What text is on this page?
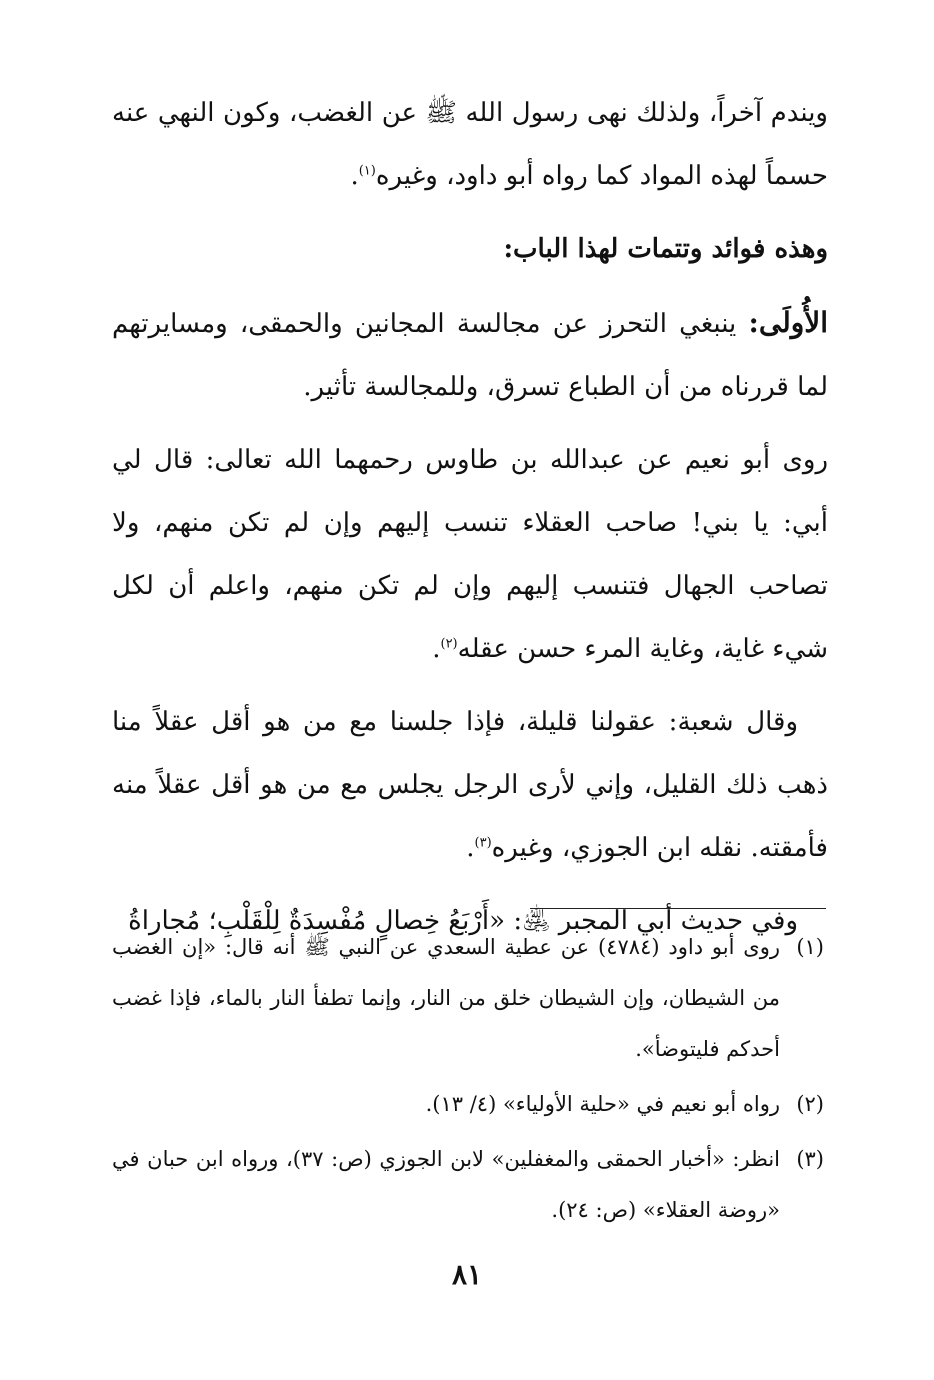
ويندم آخراً، ولذلك نهى رسول الله ﷺ عن الغضب، وكون النهي عنه حسماً لهذه المواد كما رواه أبو داود، وغيره$^{(١)}$.

وهذه فوائد وتتمات لهذا الباب:

الأُولَى: ينبغي التحرز عن مجالسة المجانين والحمقى، ومسايرتهم لما قررناه من أن الطباع تسرق، وللمجالسة تأثير.

روى أبو نعيم عن عبدالله بن طاوس رحمهما الله تعالى: قال لي أبي: يا بني! صاحب العقلاء تنسب إليهم وإن لم تكن منهم، ولا تصاحب الجهال فتنسب إليهم وإن لم تكن منهم، واعلم أن لكل شيء غاية، وغاية المرء حسن عقله$^{(٢)}$.

وقال شعبة: عقولنا قليلة، فإذا جلسنا مع من هو أقل عقلاً منا ذهب ذلك القليل، وإني لأرى الرجل يجلس مع من هو أقل عقلاً منه فأمقته. نقله ابن الجوزي، وغيره$^{(٣)}$.

وفي حديث أبي المجبر ﵁: «أَرْبَعُ خِصالٍ مُفْسِدَةٌ لِلْقَلْبِ؛ مُجاراةُ

(١)
روى أبو داود (٤٧٨٤) عن عطية السعدي عن النبي ﷺ أنه قال: «إن الغضب من الشيطان، وإن الشيطان خلق من النار، وإنما تطفأ النار بالماء، فإذا غضب أحدكم فليتوضأ».
(٢)
رواه أبو نعيم في «حلية الأولياء» (٤/ ١٣).
(٣)
انظر: «أخبار الحمقى والمغفلين» لابن الجوزي (ص: ٣٧)، ورواه ابن حبان في «روضة العقلاء» (ص: ٢٤).
٨١
